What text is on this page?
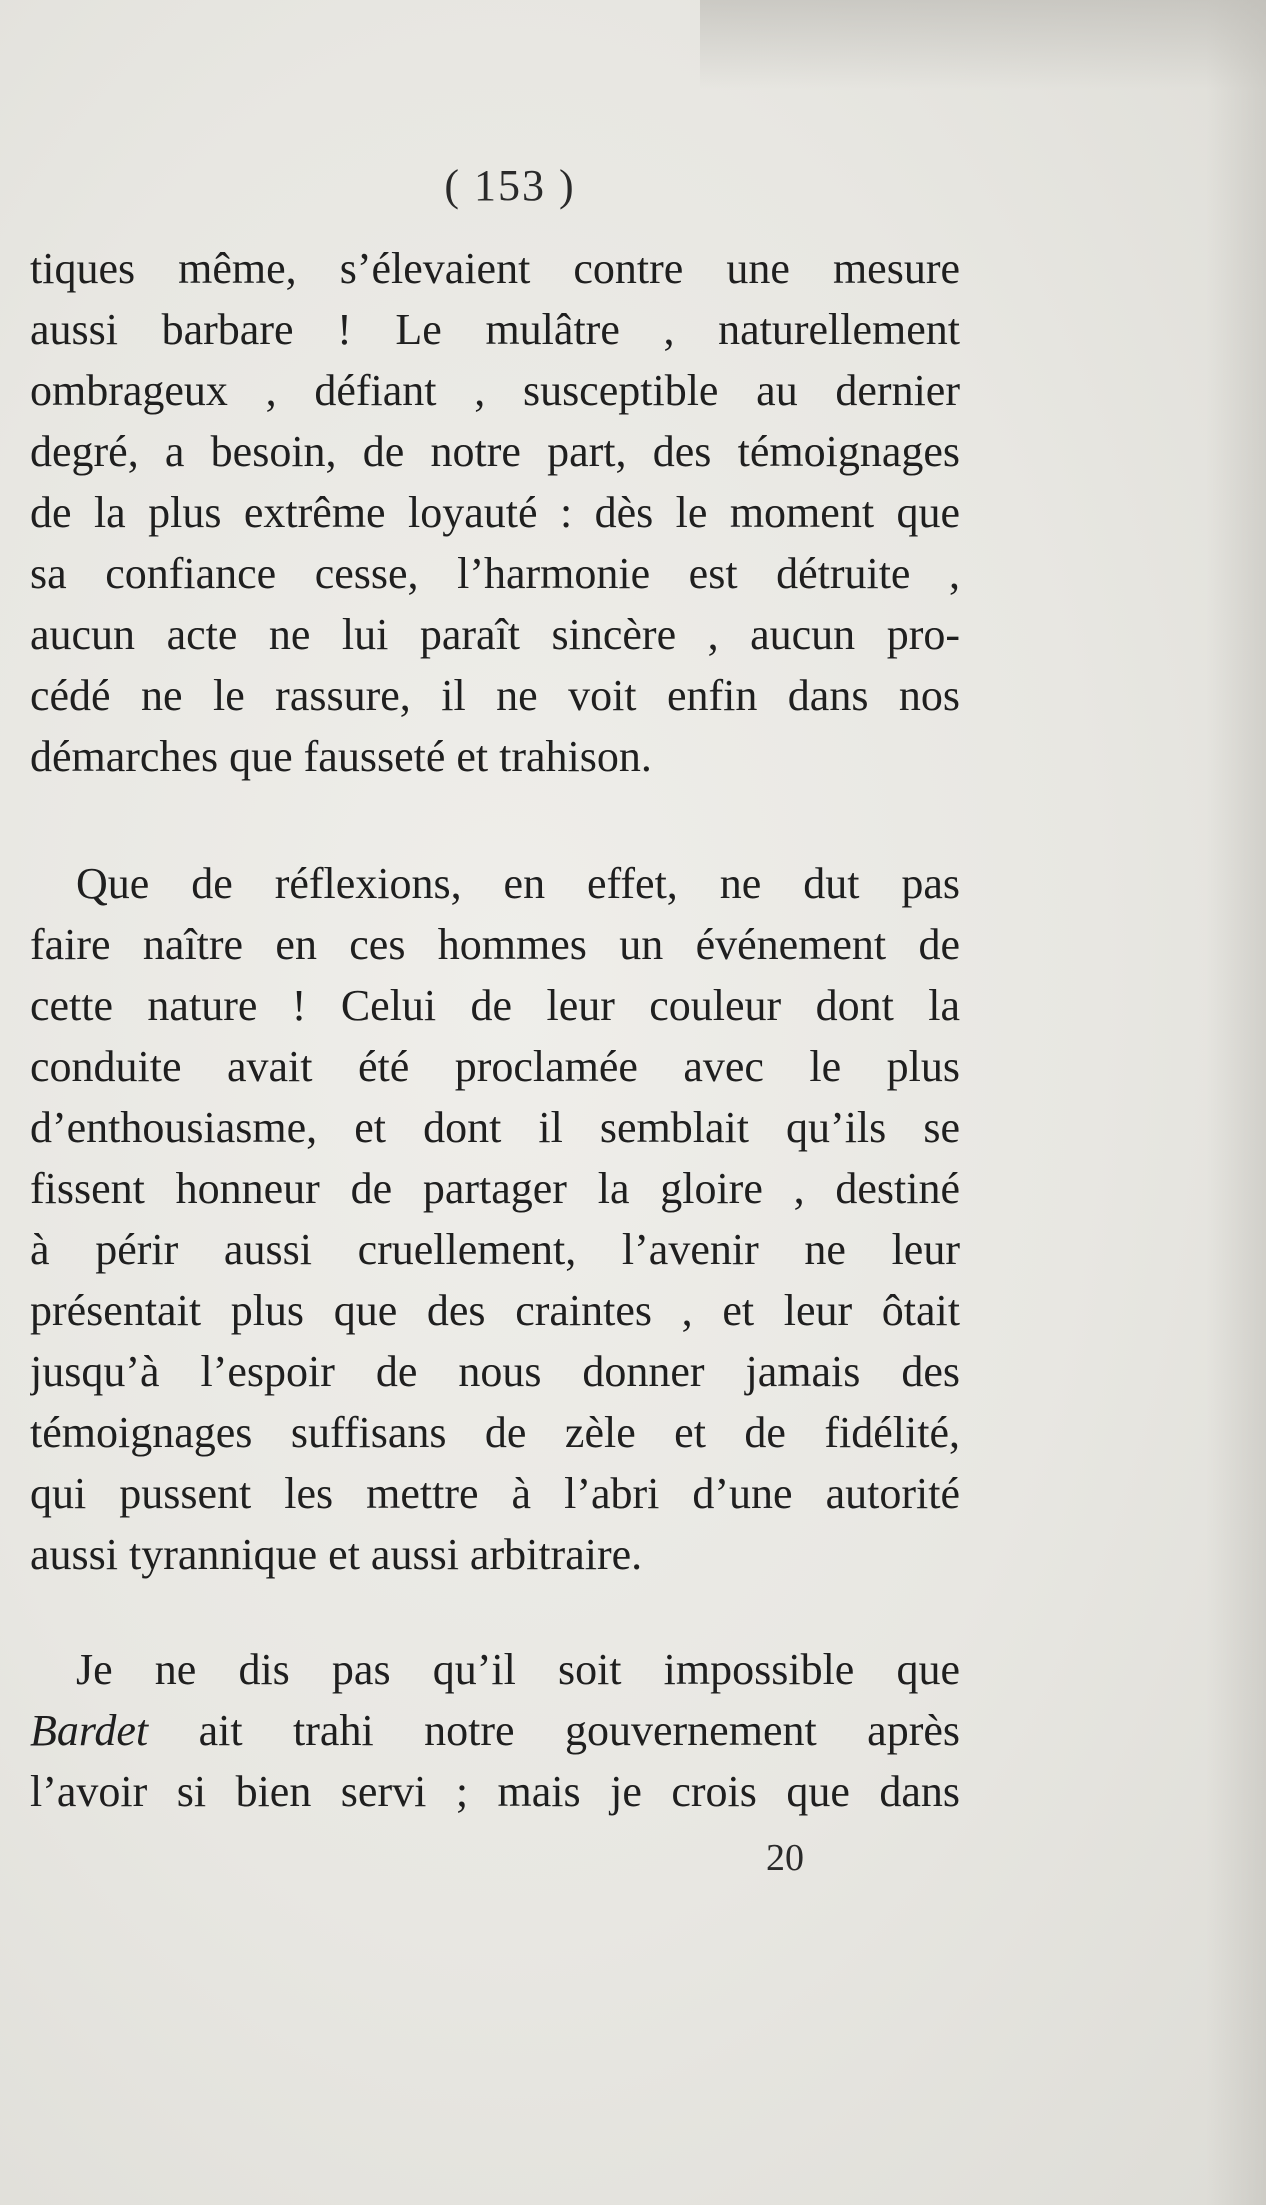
( 153 )
tiques même, s’élevaient contre une mesure
aussi barbare ! Le mulâtre , naturellement
ombrageux , défiant , susceptible au dernier
degré, a besoin, de notre part, des témoignages
de la plus extrême loyauté : dès le moment que
sa confiance cesse, l’harmonie est détruite ,
aucun acte ne lui paraît sincère , aucun pro-
cédé ne le rassure, il ne voit enfin dans nos
démarches que fausseté et trahison.
Que de réflexions, en effet, ne dut pas
faire naître en ces hommes un événement de
cette nature ! Celui de leur couleur dont la
conduite avait été proclamée avec le plus
d’enthousiasme, et dont il semblait qu’ils se
fissent honneur de partager la gloire , destiné
à périr aussi cruellement, l’avenir ne leur
présentait plus que des craintes , et leur ôtait
jusqu’à l’espoir de nous donner jamais des
témoignages suffisans de zèle et de fidélité,
qui pussent les mettre à l’abri d’une autorité
aussi tyrannique et aussi arbitraire.
Je ne dis pas qu’il soit impossible que
Bardet ait trahi notre gouvernement après
l’avoir si bien servi ; mais je crois que dans
20
